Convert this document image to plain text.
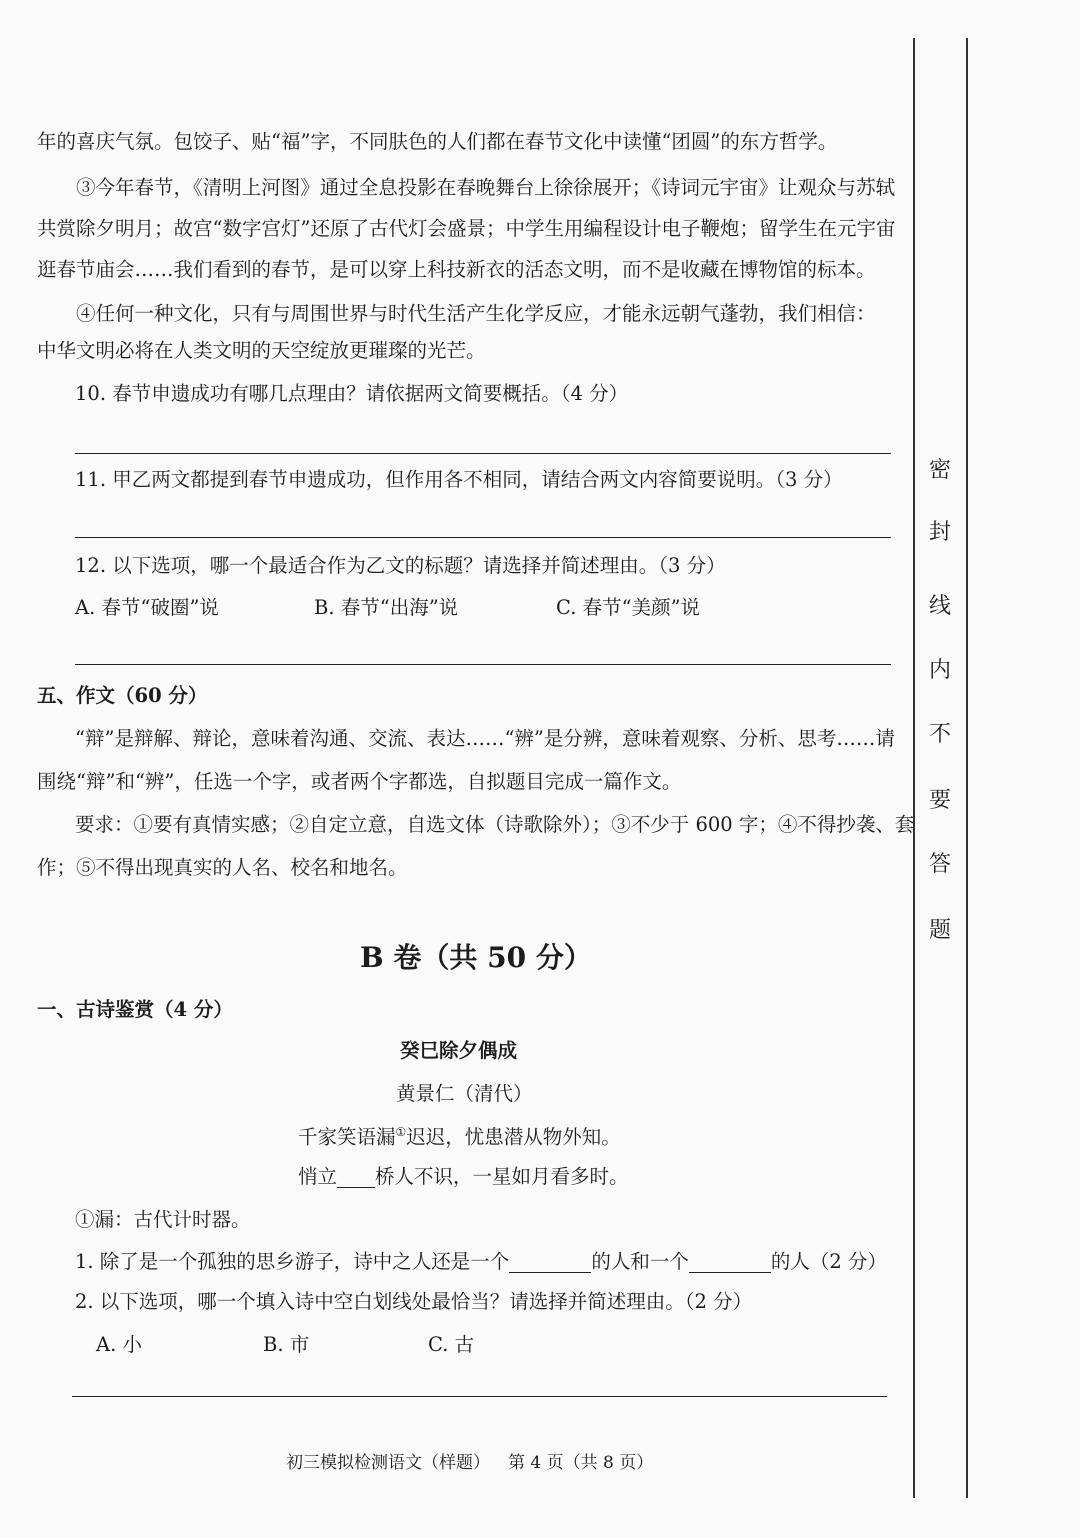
年的喜庆气氛。包饺子、贴“福”字，不同肤色的人们都在春节文化中读懂“团圆”的东方哲学。
③今年春节，《清明上河图》通过全息投影在春晚舞台上徐徐展开；《诗词元宇宙》让观众与苏轼
共赏除夕明月；故宫“数字宫灯”还原了古代灯会盛景；中学生用编程设计电子鞭炮；留学生在元宇宙
逛春节庙会……我们看到的春节，是可以穿上科技新衣的活态文明，而不是收藏在博物馆的标本。
④任何一种文化，只有与周围世界与时代生活产生化学反应，才能永远朝气蓬勃，我们相信：
中华文明必将在人类文明的天空绽放更璀璨的光芒。
10. 春节申遗成功有哪几点理由？请依据两文简要概括。（4 分）
11. 甲乙两文都提到春节申遗成功，但作用各不相同，请结合两文内容简要说明。（3 分）
12. 以下选项，哪一个最适合作为乙文的标题？请选择并简述理由。（3 分）
A. 春节“破圈”说	B. 春节“出海”说	C. 春节“美颜”说
五、作文（60 分）
“辩”是辩解、辩论，意味着沟通、交流、表达……“辨”是分辨，意味着观察、分析、思考……请
围绕“辩”和“辨”，任选一个字，或者两个字都选，自拟题目完成一篇作文。
要求：①要有真情实感；②自定立意，自选文体（诗歌除外）；③不少于 600 字；④不得抄袭、套
作；⑤不得出现真实的人名、校名和地名。
B 卷（共 50 分）
一、古诗鉴赏（4 分）
癸巳除夕偶成
黄景仁（清代）
千家笑语漏①迟迟，忧患潜从物外知。
悄立 桥人不识，一星如月看多时。
①漏：古代计时器。
1. 除了是一个孤独的思乡游子，诗中之人还是一个	的人和一个	的人（2 分）
2. 以下选项，哪一个填入诗中空白划线处最恰当？请选择并简述理由。（2 分）
A. 小	B. 市	C. 古
初三模拟检测语文（样题） 第 4 页（共 8 页）
密
封
线
内
不
要
答
题
